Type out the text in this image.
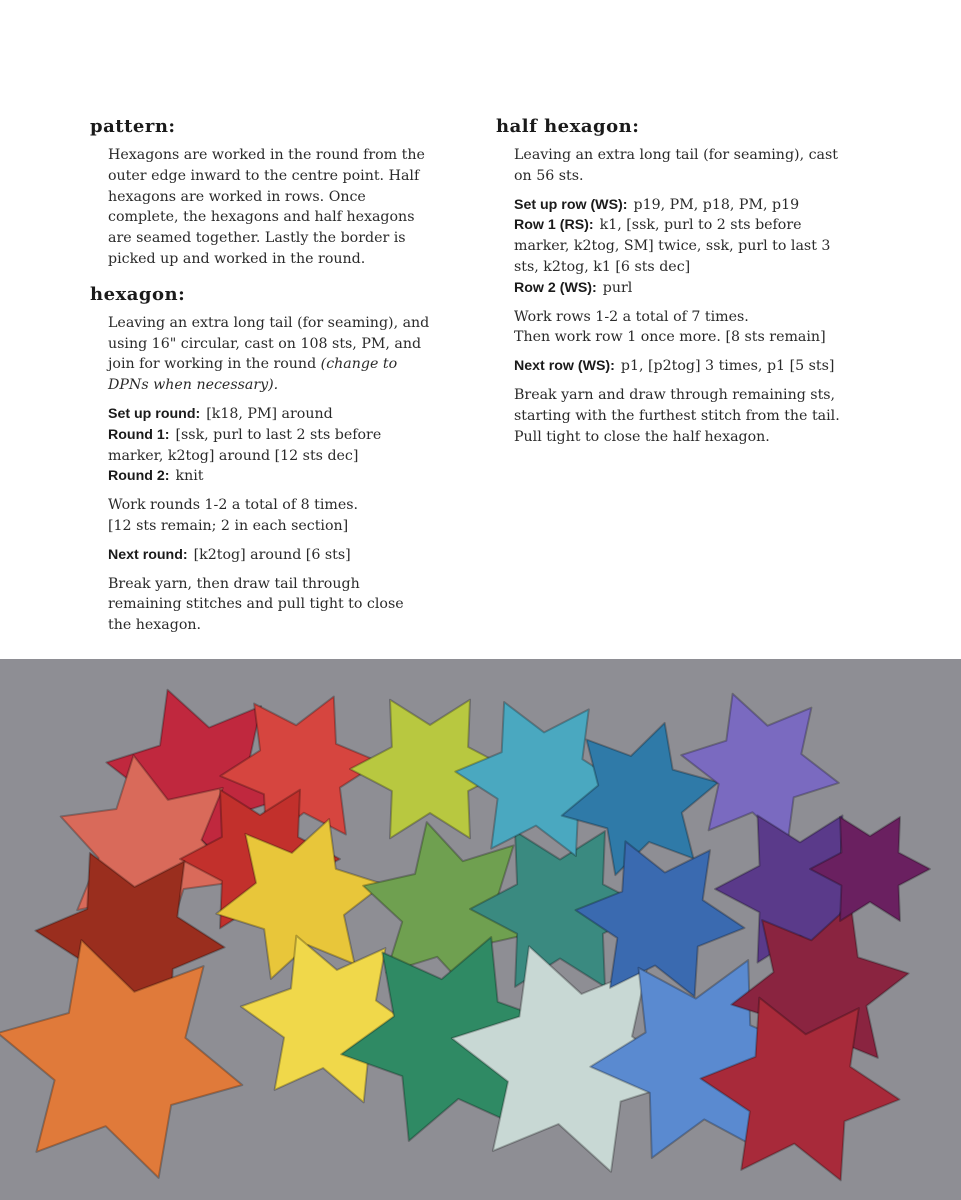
pattern:

Hexagons are worked in the round from the outer edge inward to the centre point. Half hexagons are worked in rows. Once complete, the hexagons and half hexagons are seamed together. Lastly the border is picked up and worked in the round.

hexagon:

Leaving an extra long tail (for seaming), and using 16" circular, cast on 108 sts, PM, and join for working in the round (change to DPNs when necessary).

Set up round: [k18, PM] around

Round 1: [ssk, purl to last 2 sts before marker, k2tog] around [12 sts dec]

Round 2: knit

Work rounds 1-2 a total of 8 times.

[12 sts remain; 2 in each section]

Next round: [k2tog] around [6 sts]

Break yarn, then draw tail through remaining stitches and pull tight to close the hexagon.

half hexagon:

Leaving an extra long tail (for seaming), cast on 56 sts.

Set up row (WS): p19, PM, p18, PM, p19

Row 1 (RS): k1, [ssk, purl to 2 sts before marker, k2tog, SM] twice, ssk, purl to last 3 sts, k2tog, k1 [6 sts dec]

Row 2 (WS): purl

Work rows 1-2 a total of 7 times.

Then work row 1 once more. [8 sts remain]

Next row (WS): p1, [p2tog] 3 times, p1 [5 sts]

Break yarn and draw through remaining sts, starting with the furthest stitch from the tail. Pull tight to close the half hexagon.
